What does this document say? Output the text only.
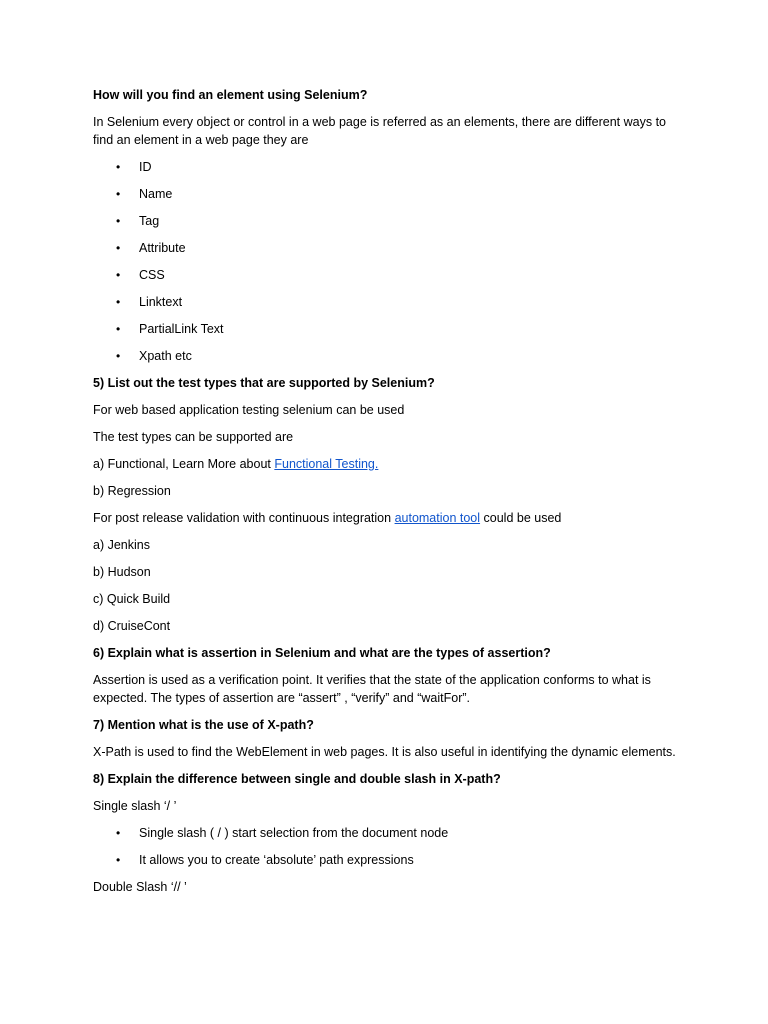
How will you find an element using Selenium?

In Selenium every object or control in a web page is referred as an elements, there are different ways to find an element in a web page they are

• ID
• Name
• Tag
• Attribute
• CSS
• Linktext
• PartialLink Text
• Xpath etc

5) List out the test types that are supported by Selenium?

For web based application testing selenium can be used

The test types can be supported are

a) Functional, Learn More about Functional Testing.

b) Regression

For post release validation with continuous integration automation tool could be used

a) Jenkins

b) Hudson

c) Quick Build

d) CruiseCont

6) Explain what is assertion in Selenium and what are the types of assertion?

Assertion is used as a verification point. It verifies that the state of the application conforms to what is expected. The types of assertion are “assert” , “verify” and “waitFor”.

7) Mention what is the use of X-path?

X-Path is used to find the WebElement in web pages. It is also useful in identifying the dynamic elements.

8) Explain the difference between single and double slash in X-path?

Single slash ‘/ ’

• Single slash ( / ) start selection from the document node
• It allows you to create ‘absolute’ path expressions

Double Slash ‘// ’
